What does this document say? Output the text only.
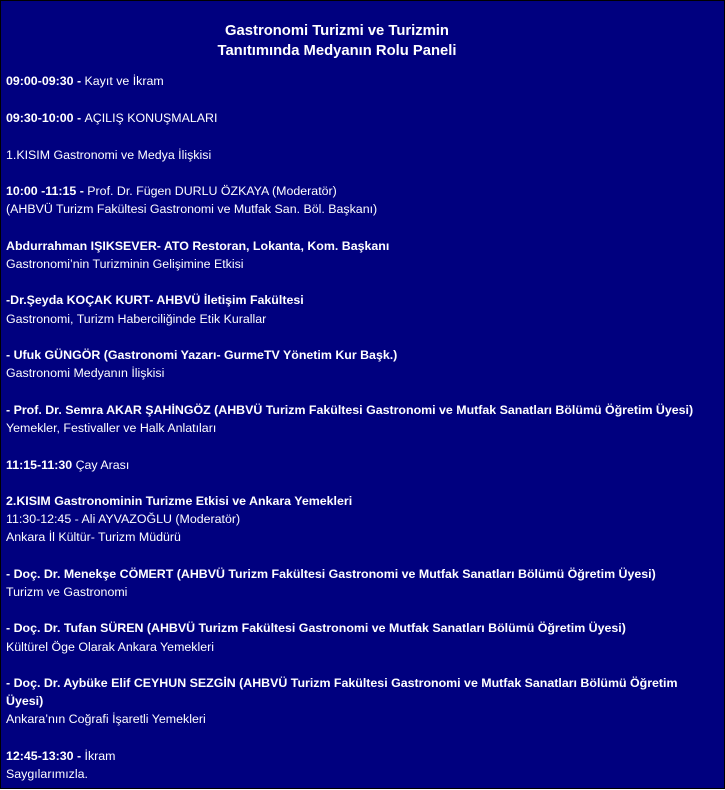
Gastronomi Turizmi ve Turizmin
Tanıtımında Medyanın Rolu Paneli
09:00-09:30 - Kayıt ve İkram
09:30-10:00 - AÇILIŞ KONUŞMALARI
1.KISIM Gastronomi ve Medya İlişkisi
10:00 -11:15 - Prof. Dr. Fügen DURLU ÖZKAYA (Moderatör)
(AHBVÜ Turizm Fakültesi Gastronomi ve Mutfak San. Böl. Başkanı)
Abdurrahman IŞIKSEVER- ATO Restoran, Lokanta, Kom. Başkanı
Gastronomi’nin Turizminin Gelişimine Etkisi
-Dr.Şeyda KOÇAK KURT- AHBVÜ İletişim Fakültesi
Gastronomi, Turizm Haberciliğinde Etik Kurallar
- Ufuk GÜNGÖR (Gastronomi Yazarı- GurmeTV Yönetim Kur Başk.)
Gastronomi Medyanın İlişkisi
- Prof. Dr. Semra AKAR ŞAHİNGÖZ (AHBVÜ Turizm Fakültesi Gastronomi ve Mutfak Sanatları Bölümü Öğretim Üyesi)
Yemekler, Festivaller ve Halk Anlatıları
11:15-11:30 Çay Arası
2.KISIM Gastronominin Turizme Etkisi ve Ankara Yemekleri
11:30-12:45 - Ali AYVAZOĞLU (Moderatör)
Ankara İl Kültür- Turizm Müdürü
- Doç. Dr. Menekşe CÖMERT (AHBVÜ Turizm Fakültesi Gastronomi ve Mutfak Sanatları Bölümü Öğretim Üyesi)
Turizm ve Gastronomi
- Doç. Dr. Tufan SÜREN (AHBVÜ Turizm Fakültesi Gastronomi ve Mutfak Sanatları Bölümü Öğretim Üyesi)
Kültürel Öge Olarak Ankara Yemekleri
- Doç. Dr. Aybüke Elif CEYHUN SEZGİN (AHBVÜ Turizm Fakültesi Gastronomi ve Mutfak Sanatları Bölümü Öğretim Üyesi)
Ankara’nın Coğrafi İşaretli Yemekleri
12:45-13:30 - İkram
Saygılarımızla.
